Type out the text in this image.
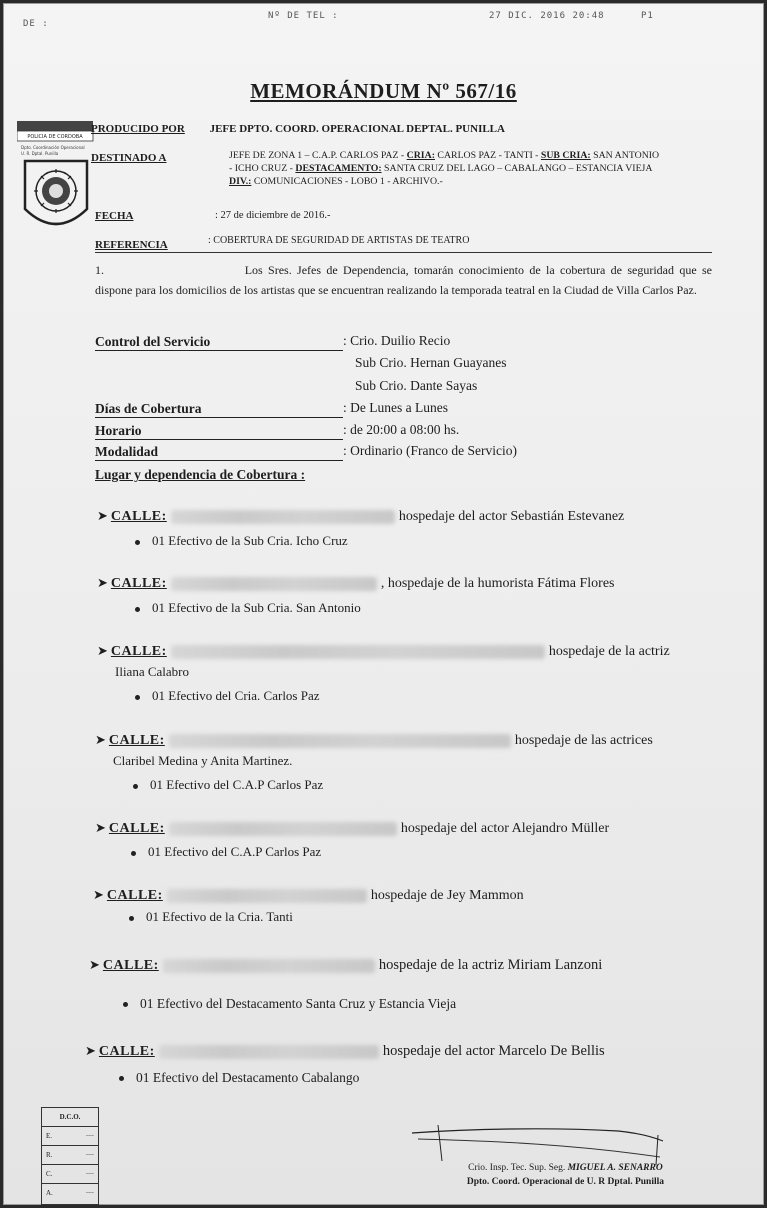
DE :
Nº DE TEL :	27 DIC. 2016 20:48	P1
MEMORÁNDUM Nº 567/16
POLICIA DE CORDOBA
Dpto. Coordinación Operacional
U. R. Dptal. Punilla
PRODUCIDO POR JEFE DPTO. COORD. OPERACIONAL DEPTAL. PUNILLA
DESTINADO A	JEFE DE ZONA 1 – C.A.P. CARLOS PAZ - CRIA: CARLOS PAZ - TANTI - SUB CRIA: SAN ANTONIO
- ICHO CRUZ - DESTACAMENTO: SANTA CRUZ DEL LAGO – CABALANGO – ESTANCIA VIEJA
DIV.: COMUNICACIONES - LOBO 1 - ARCHIVO.-
FECHA	: 27 de diciembre de 2016.-
REFERENCIA	: COBERTURA DE SEGURIDAD DE ARTISTAS DE TEATRO
1.	Los Sres. Jefes de Dependencia, tomarán conocimiento de la cobertura de seguridad que se dispone para los domicilios de los artistas que se encuentran realizando la temporada teatral en la Ciudad de Villa Carlos Paz.
Control del Servicio	: Crio. Duilio Recio
Sub Crio. Hernan Guayanes
Sub Crio. Dante Sayas
Días de Cobertura	: De Lunes a Lunes
Horario	: de 20:00 a 08:00 hs.
Modalidad	: Ordinario (Franco de Servicio)
Lugar y dependencia de Cobertura :
➤ CALLE:	hospedaje del actor Sebastián Estevanez
01 Efectivo de la Sub Cria. Icho Cruz
➤ CALLE:	, hospedaje de la humorista Fátima Flores
01 Efectivo de la Sub Cria. San Antonio
➤ CALLE:	hospedaje de la actriz
Iliana Calabro
01 Efectivo del Cria. Carlos Paz
➤ CALLE:	hospedaje de las actrices
Claribel Medina y Anita Martinez.
01 Efectivo del C.A.P Carlos Paz
➤ CALLE:	hospedaje del actor Alejandro Müller
01 Efectivo del C.A.P Carlos Paz
➤ CALLE:	hospedaje de Jey Mammon
01 Efectivo de la Cria. Tanti
➤ CALLE:	hospedaje de la actriz Miriam Lanzoni
01 Efectivo del Destacamento Santa Cruz y Estancia Vieja
➤ CALLE:	hospedaje del actor Marcelo De Bellis
01 Efectivo del Destacamento Cabalango
D.C.O.
E.	~~~
R.	~~~
C.	~~~
A.	~~~
Crio. Insp. Tec. Sup. Seg. MIGUEL A. SENARRO
Dpto. Coord. Operacional de U. R Dptal. Punilla
